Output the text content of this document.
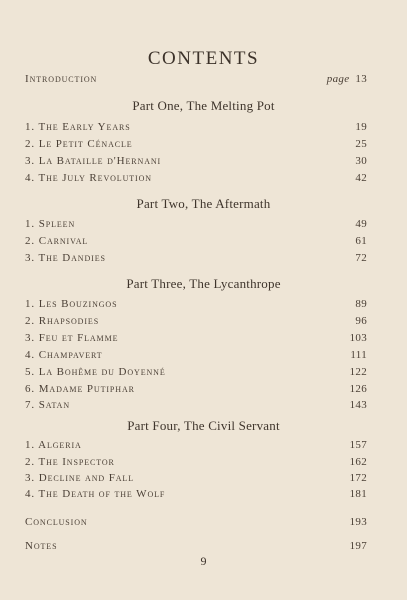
CONTENTS
Introduction	page 13
Part One, The Melting Pot
1. The Early Years	19
2. Le Petit Cénacle	25
3. La Bataille d'Hernani	30
4. The July Revolution	42
Part Two, The Aftermath
1. Spleen	49
2. Carnival	61
3. The Dandies	72
Part Three, The Lycanthrope
1. Les Bouzingos	89
2. Rhapsodies	96
3. Feu et Flamme	103
4. Champavert	111
5. La Bohême du Doyenné	122
6. Madame Putiphar	126
7. Satan	143
Part Four, The Civil Servant
1. Algeria	157
2. The Inspector	162
3. Decline and Fall	172
4. The Death of the Wolf	181
Conclusion	193
Notes	197
9
